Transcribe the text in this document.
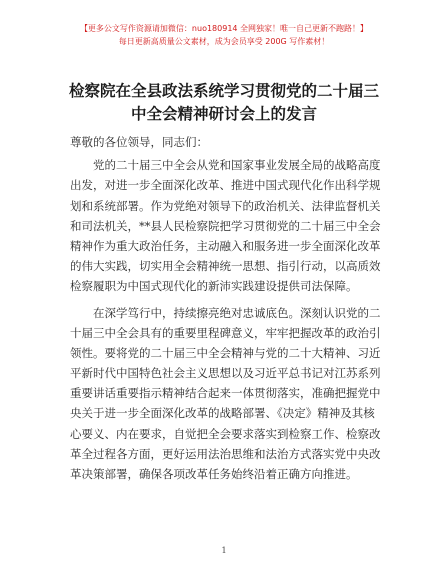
【更多公文写作资源请加微信：nuo180914 全网独家！唯一自己更新不跑路！】
每日更新高质量公文素材，成为会员享受 200G 写作素材！
检察院在全县政法系统学习贯彻党的二十届三
中全会精神研讨会上的发言
尊敬的各位领导，同志们：
党的二十届三中全会从党和国家事业发展全局的战略高度
出发，对进一步全面深化改革、推进中国式现代化作出科学规
划和系统部署。作为党绝对领导下的政治机关、法律监督机关
和司法机关，**县人民检察院把学习贯彻党的二十届三中全会
精神作为重大政治任务，主动融入和服务进一步全面深化改革
的伟大实践，切实用全会精神统一思想、指引行动，以高质效
检察履职为中国式现代化的新沛实践建设提供司法保障。
在深学笃行中，持续擦亮绝对忠诚底色。深刻认识党的二
十届三中全会具有的重要里程碑意义，牢牢把握改革的政治引
领性。要将党的二十届三中全会精神与党的二十大精神、习近
平新时代中国特色社会主义思想以及习近平总书记对江苏系列
重要讲话重要指示精神结合起来一体贯彻落实，准确把握党中
央关于进一步全面深化改革的战略部署、《决定》精神及其核
心要义、内在要求，自觉把全会要求落实到检察工作、检察改
革全过程各方面，更好运用法治思维和法治方式落实党中央改
革决策部署，确保各项改革任务始终沿着正确方向推进。
1
